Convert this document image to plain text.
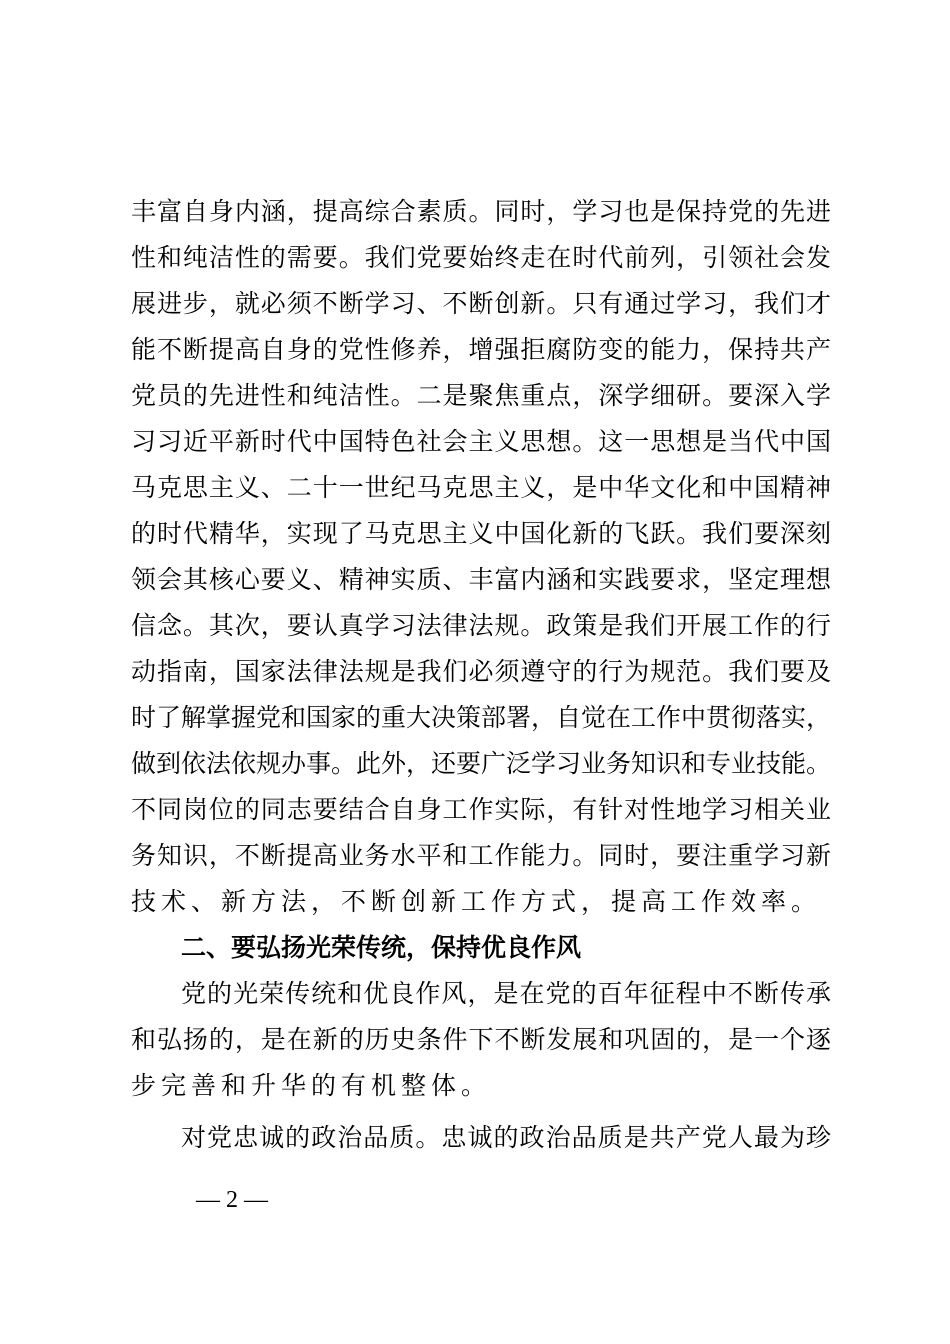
丰富自身内涵，提高综合素质。同时，学习也是保持党的先进
性和纯洁性的需要。我们党要始终走在时代前列，引领社会发
展进步，就必须不断学习、不断创新。只有通过学习，我们才
能不断提高自身的党性修养，增强拒腐防变的能力，保持共产
党员的先进性和纯洁性。二是聚焦重点，深学细研。要深入学
习习近平新时代中国特色社会主义思想。这一思想是当代中国
马克思主义、二十一世纪马克思主义，是中华文化和中国精神
的时代精华，实现了马克思主义中国化新的飞跃。我们要深刻
领会其核心要义、精神实质、丰富内涵和实践要求，坚定理想
信念。其次，要认真学习法律法规。政策是我们开展工作的行
动指南，国家法律法规是我们必须遵守的行为规范。我们要及
时了解掌握党和国家的重大决策部署，自觉在工作中贯彻落实，
做到依法依规办事。此外，还要广泛学习业务知识和专业技能。
不同岗位的同志要结合自身工作实际，有针对性地学习相关业
务知识，不断提高业务水平和工作能力。同时，要注重学习新
技术、新方法，不断创新工作方式，提高工作效率。
二、要弘扬光荣传统，保持优良作风
党的光荣传统和优良作风，是在党的百年征程中不断传承
和弘扬的，是在新的历史条件下不断发展和巩固的，是一个逐
步完善和升华的有机整体。
对党忠诚的政治品质。忠诚的政治品质是共产党人最为珍
— 2 —
